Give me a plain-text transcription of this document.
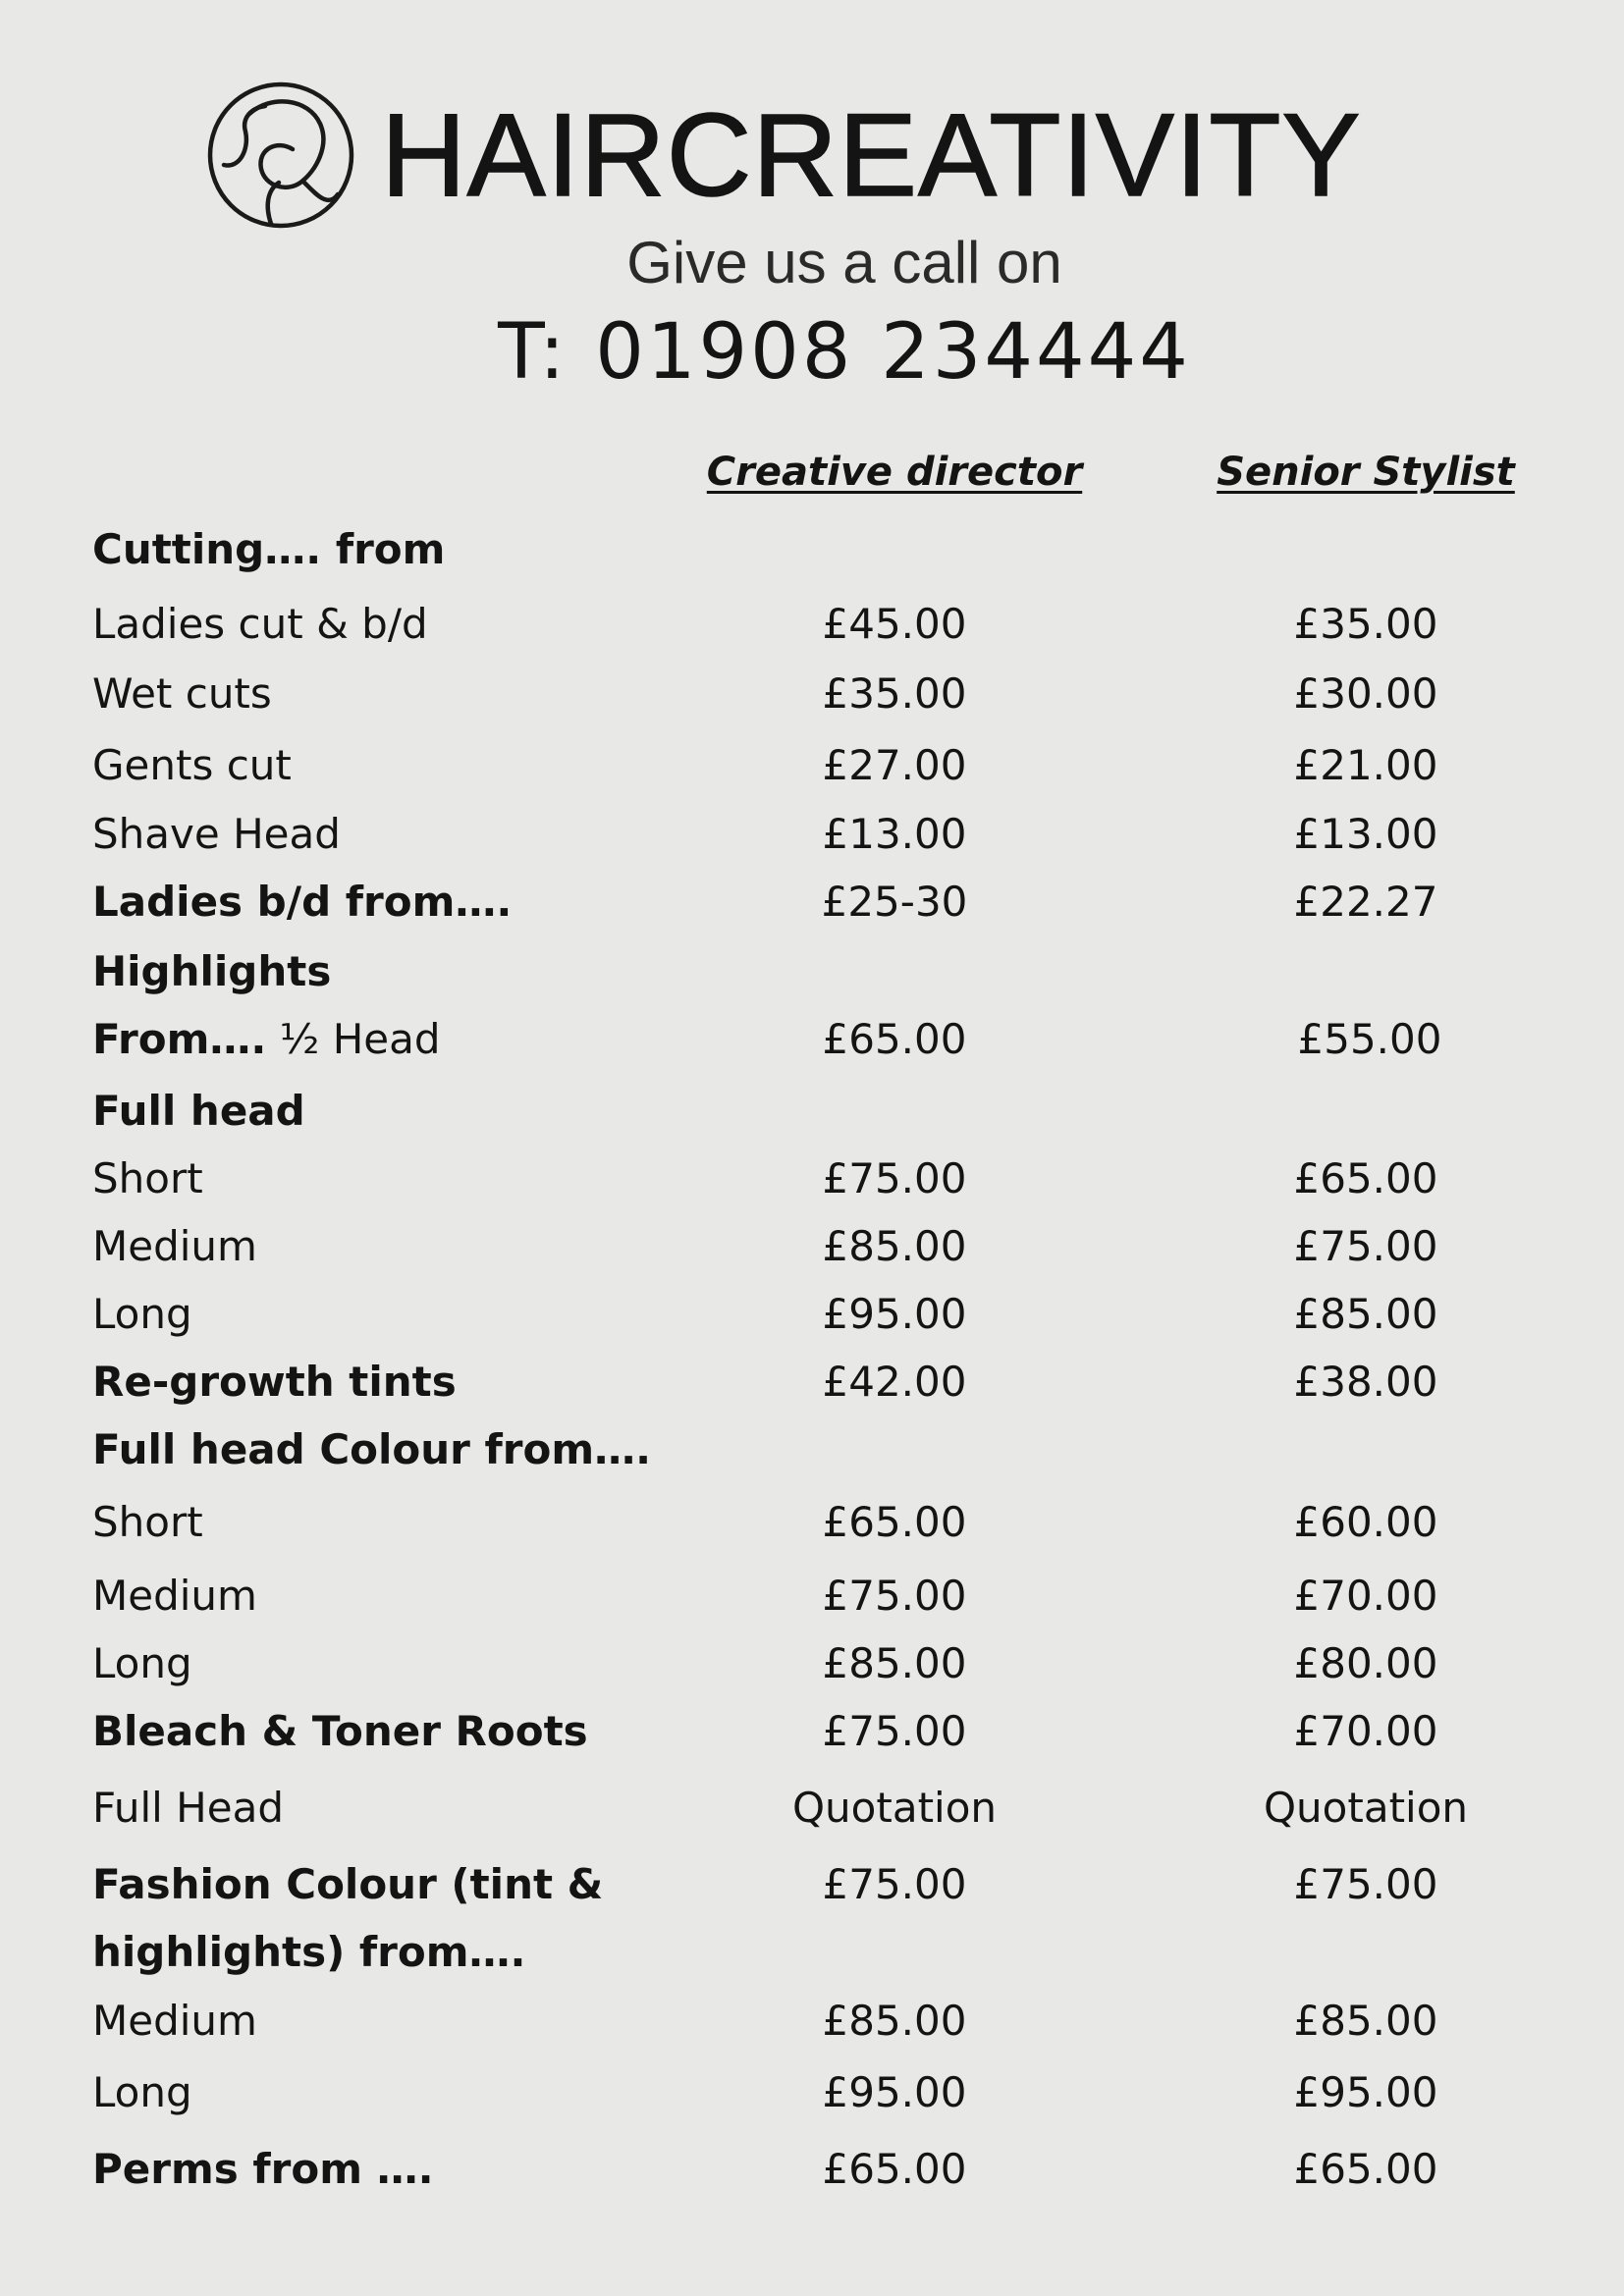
HAIRCREATIVITY
Give us a call on
T: 01908 234444
Creative director	Senior Stylist
Cutting…. from
Ladies cut & b/d	£45.00	£35.00
Wet cuts	£35.00	£30.00
Gents cut	£27.00	£21.00
Shave Head	£13.00	£13.00
Ladies b/d from….	£25-30	£22.27
Highlights
From…. ½ Head	£65.00	£55.00
Full head
Short	£75.00	£65.00
Medium	£85.00	£75.00
Long	£95.00	£85.00
Re-growth tints	£42.00	£38.00
Full head Colour from….
Short	£65.00	£60.00
Medium	£75.00	£70.00
Long	£85.00	£80.00
Bleach & Toner Roots	£75.00	£70.00
Full Head	Quotation	Quotation
Fashion Colour (tint &	£75.00	£75.00
highlights) from….
Medium	£85.00	£85.00
Long	£95.00	£95.00
Perms from ….	£65.00	£65.00
